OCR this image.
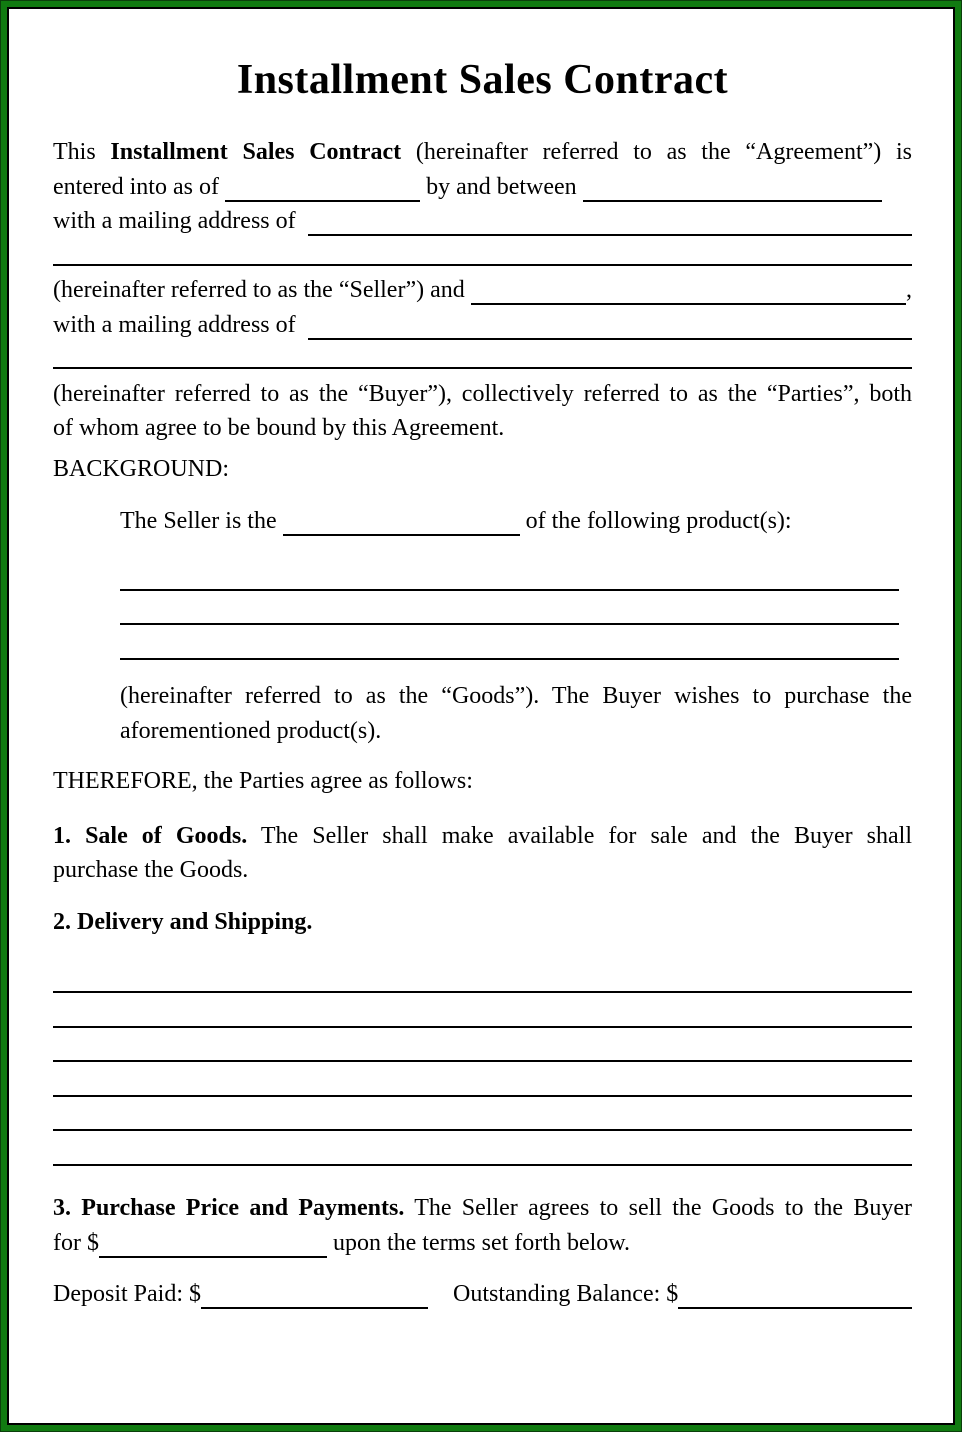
Installment Sales Contract
This Installment Sales Contract (hereinafter referred to as the “Agreement”) is
entered into as of
	by and between

with a mailing address of

(hereinafter referred to as the “Seller”) and
	,
with a mailing address of

(hereinafter referred to as the “Buyer”), collectively referred to as the “Parties”, both
of whom agree to be bound by this Agreement.
BACKGROUND:
The Seller is the
	of the following product(s):

(hereinafter referred to as the “Goods”). The Buyer wishes to purchase the
aforementioned product(s).
THEREFORE, the Parties agree as follows:
1. Sale of Goods. The Seller shall make available for sale and the Buyer shall
purchase the Goods.
2. Delivery and Shipping.

3. Purchase Price and Payments. The Seller agrees to sell the Goods to the Buyer
for $
	upon the terms set forth below.
Deposit Paid: $
	Outstanding Balance: $
